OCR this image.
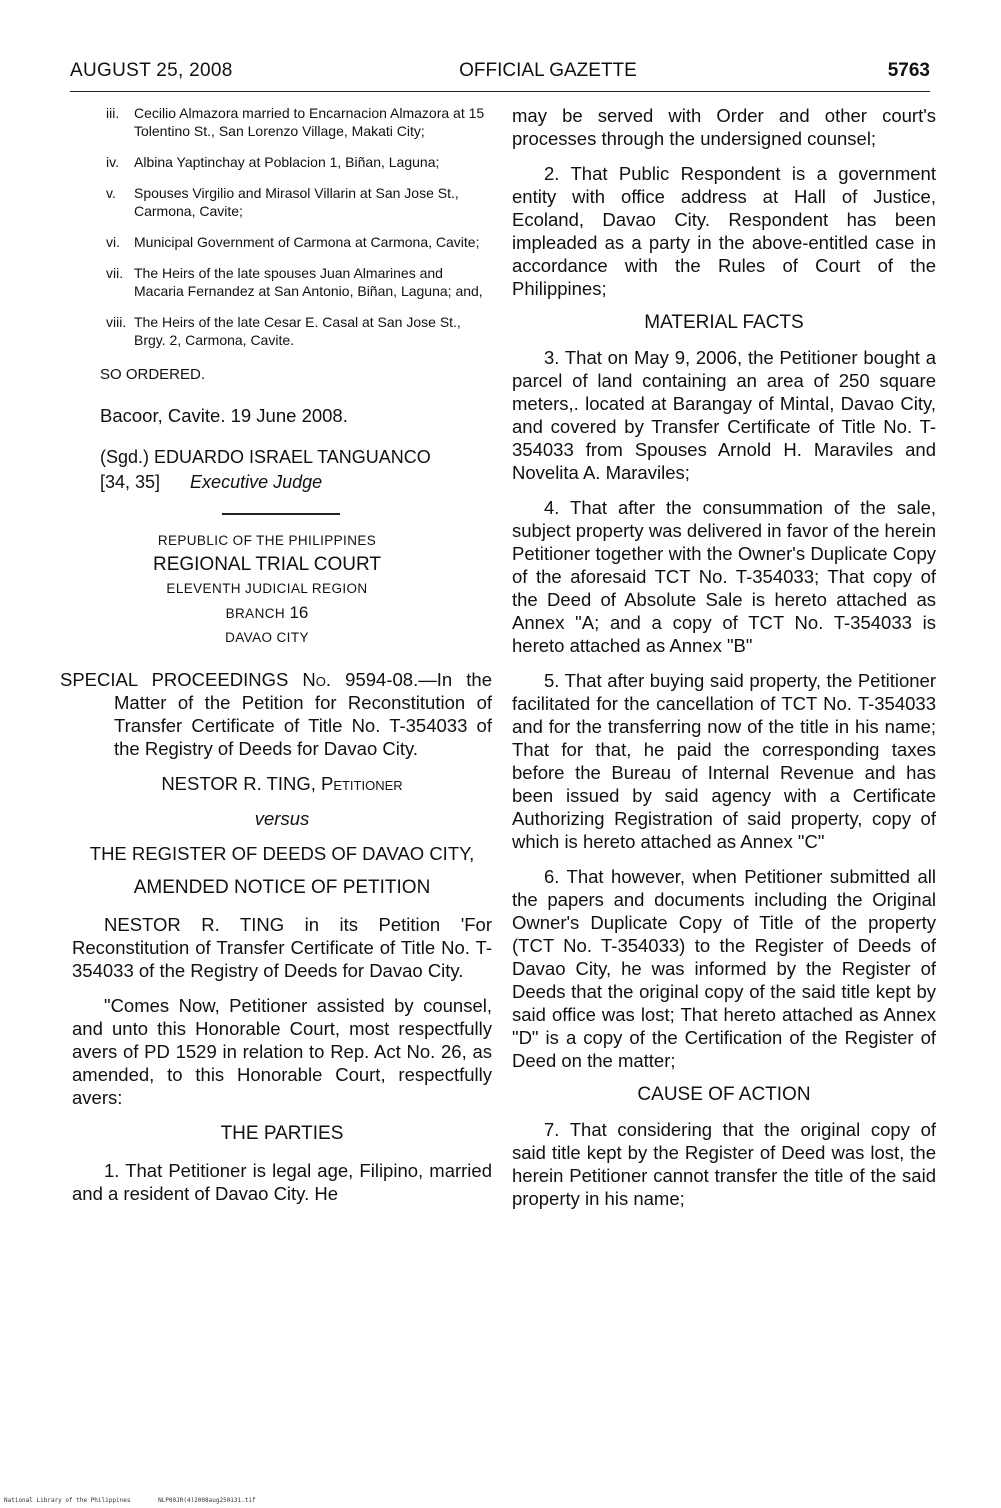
AUGUST 25, 2008	OFFICIAL GAZETTE	5763
iii.	Cecilio Almazora married to Encarnacion Almazora at 15 Tolentino St., San Lorenzo Village, Makati City;
iv.	Albina Yaptinchay at Poblacion 1, Biñan, Laguna;
v.	Spouses Virgilio and Mirasol Villarin at San Jose St., Carmona, Cavite;
vi.	Municipal Government of Carmona at Carmona, Cavite;
vii. The Heirs of the late spouses Juan Almarines and Macaria Fernandez at San Antonio, Biñan, Laguna; and,
viii. The Heirs of the late Cesar E. Casal at San Jose St., Brgy. 2, Carmona, Cavite.

SO ORDERED.

Bacoor, Cavite. 19 June 2008.

(Sgd.) EDUARDO ISRAEL TANGUANCO
[34, 35] Executive Judge
REPUBLIC OF THE PHILIPPINES
REGIONAL TRIAL COURT
ELEVENTH JUDICIAL REGION
BRANCH 16
DAVAO CITY

SPECIAL PROCEEDINGS No. 9594-08.—In the Matter of the Petition for Reconstitution of Transfer Certificate of Title No. T-354033 of the Registry of Deeds for Davao City.

NESTOR R. TING, Petitioner

versus

THE REGISTER OF DEEDS OF DAVAO CITY,

AMENDED NOTICE OF PETITION

NESTOR R. TING in its Petition 'For Reconstitution of Transfer Certificate of Title No. T-354033 of the Registry of Deeds for Davao City.

"Comes Now, Petitioner assisted by counsel, and unto this Honorable Court, most respectfully avers of PD 1529 in relation to Rep. Act No. 26, as amended, to this Honorable Court, respectfully avers:

THE PARTIES

1. That Petitioner is legal age, Filipino, married and a resident of Davao City. He

may be served with Order and other court's processes through the undersigned counsel;

2. That Public Respondent is a government entity with office address at Hall of Justice, Ecoland, Davao City. Respondent has been impleaded as a party in the above-entitled case in accordance with the Rules of Court of the Philippines;

MATERIAL FACTS

3. That on May 9, 2006, the Petitioner bought a parcel of land containing an area of 250 square meters,. located at Barangay of Mintal, Davao City, and covered by Transfer Certificate of Title No. T-354033 from Spouses Arnold H. Maraviles and Novelita A. Maraviles;

4. That after the consummation of the sale, subject property was delivered in favor of the herein Petitioner together with the Owner's Duplicate Copy of the aforesaid TCT No. T-354033; That copy of the Deed of Absolute Sale is hereto attached as Annex "A; and a copy of TCT No. T-354033 is hereto attached as Annex "B"

5. That after buying said property, the Petitioner facilitated for the cancellation of TCT No. T-354033 and for the transferring now of the title in his name; That for that, he paid the corresponding taxes before the Bureau of Internal Revenue and has been issued by said agency with a Certificate Authorizing Registration of said property, copy of which is hereto attached as Annex "C"

6. That however, when Petitioner submitted all the papers and documents including the Original Owner's Duplicate Copy of Title of the property (TCT No. T-354033) to the Register of Deeds of Davao City, he was informed by the Register of Deeds that the original copy of the said title kept by said office was lost; That hereto attached as Annex "D" is a copy of the Certification of the Register of Deed on the matter;

CAUSE OF ACTION

7. That considering that the original copy of said title kept by the Register of Deed was lost, the herein Petitioner cannot transfer the title of the said property in his name;

National Library of the Philippines	NLP00JR(4)2008aug250131.tif
